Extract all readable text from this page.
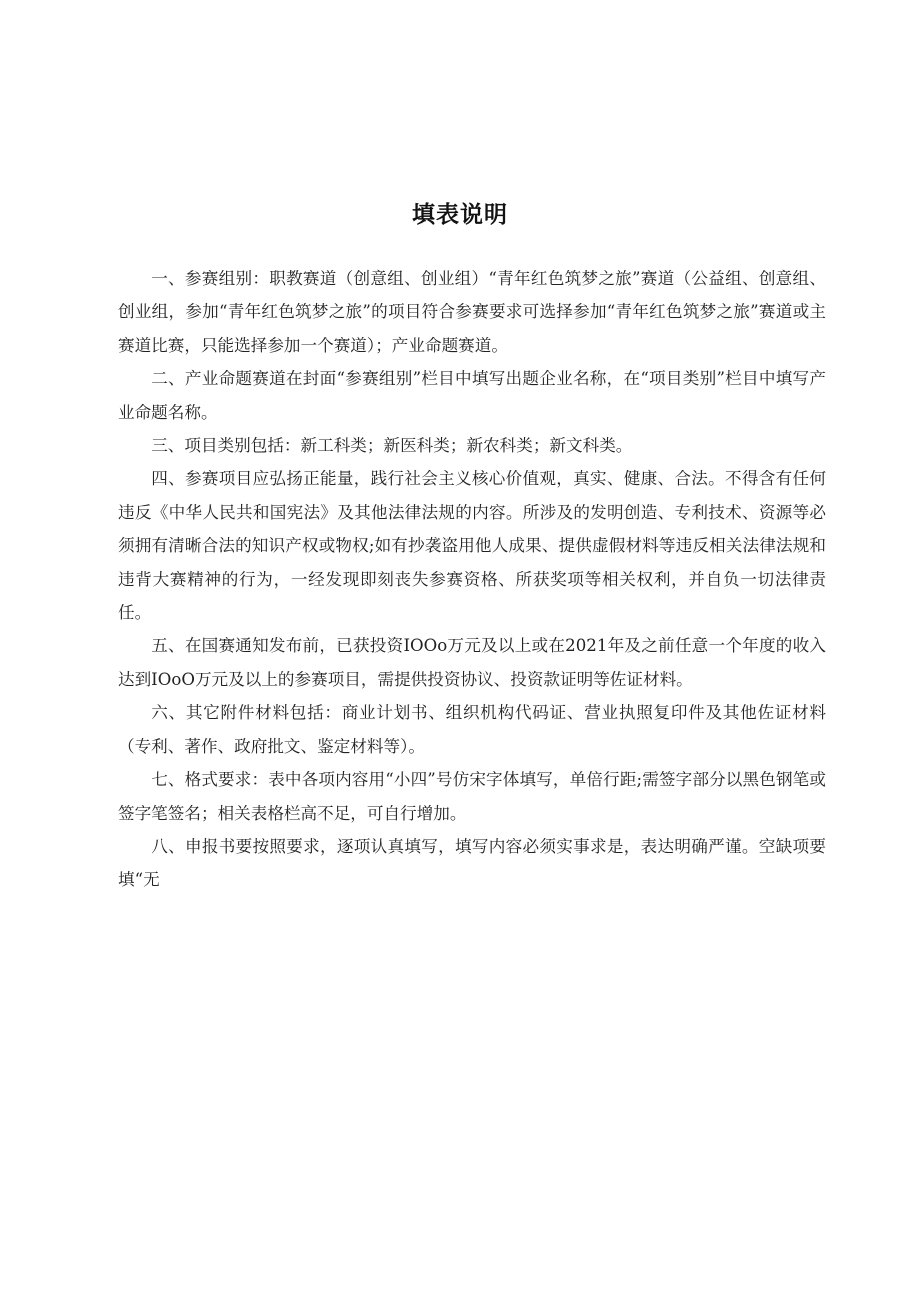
填表说明

一、参赛组别：职教赛道（创意组、创业组）“青年红色筑梦之旅”赛道（公益组、创意组、创业组，参加“青年红色筑梦之旅”的项目符合参赛要求可选择参加“青年红色筑梦之旅”赛道或主赛道比赛，只能选择参加一个赛道）；产业命题赛道。

二、产业命题赛道在封面“参赛组别”栏目中填写出题企业名称，在“项目类别”栏目中填写产业命题名称。

三、项目类别包括：新工科类；新医科类；新农科类；新文科类。

四、参赛项目应弘扬正能量，践行社会主义核心价值观，真实、健康、合法。不得含有任何违反《中华人民共和国宪法》及其他法律法规的内容。所涉及的发明创造、专利技术、资源等必须拥有清晰合法的知识产权或物权;如有抄袭盗用他人成果、提供虚假材料等违反相关法律法规和违背大赛精神的行为，一经发现即刻丧失参赛资格、所获奖项等相关权利，并自负一切法律责任。

五、在国赛通知发布前，已获投资IOOo万元及以上或在2021年及之前任意一个年度的收入达到IOoO万元及以上的参赛项目，需提供投资协议、投资款证明等佐证材料。

六、其它附件材料包括：商业计划书、组织机构代码证、营业执照复印件及其他佐证材料（专利、著作、政府批文、鉴定材料等）。

七、格式要求：表中各项内容用“小四”号仿宋字体填写，单倍行距;需签字部分以黑色钢笔或签字笔签名；相关表格栏高不足，可自行增加。

八、申报书要按照要求，逐项认真填写，填写内容必须实事求是，表达明确严谨。空缺项要填“无
